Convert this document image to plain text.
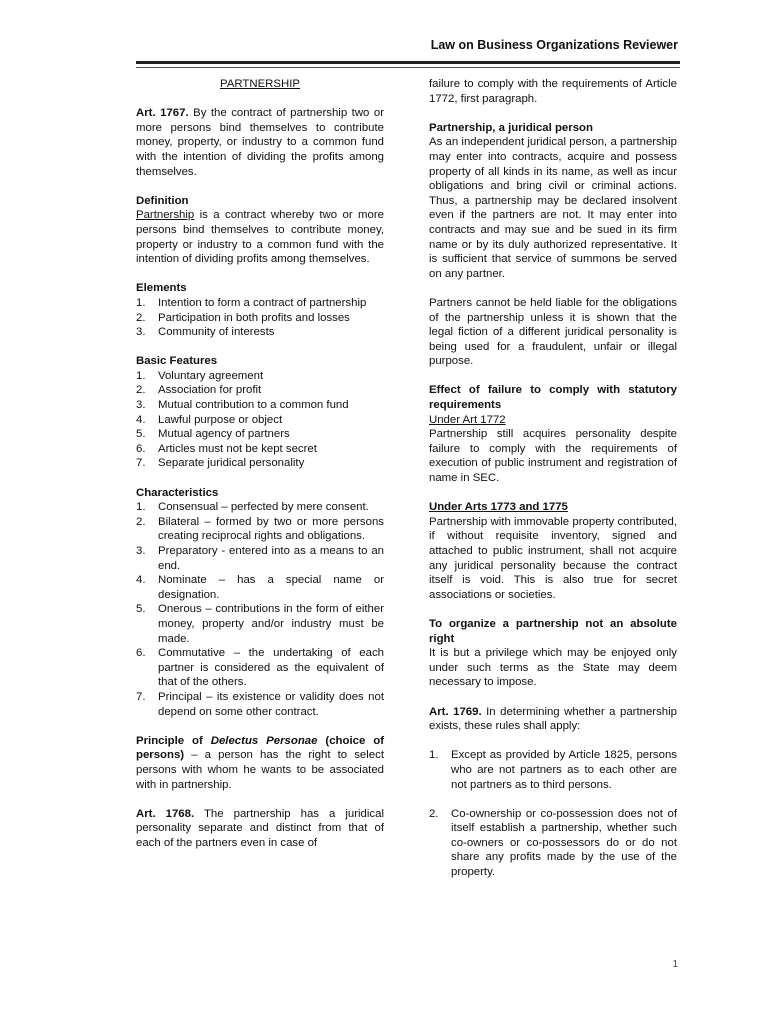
Law on Business Organizations Reviewer

PARTNERSHIP

Art. 1767. By the contract of partnership two or more persons bind themselves to contribute money, property, or industry to a common fund with the intention of dividing the profits among themselves.

Definition

Partnership is a contract whereby two or more persons bind themselves to contribute money, property or industry to a common fund with the intention of dividing profits among themselves.

Elements

1. Intention to form a contract of partnership
2. Participation in both profits and losses
3. Community of interests

Basic Features

1. Voluntary agreement
2. Association for profit
3. Mutual contribution to a common fund
4. Lawful purpose or object
5. Mutual agency of partners
6. Articles must not be kept secret
7. Separate juridical personality

Characteristics

1. Consensual – perfected by mere consent.
2. Bilateral – formed by two or more persons creating reciprocal rights and obligations.
3. Preparatory - entered into as a means to an end.
4. Nominate – has a special name or designation.
5. Onerous – contributions in the form of either money, property and/or industry must be made.
6. Commutative – the undertaking of each partner is considered as the equivalent of that of the others.
7. Principal – its existence or validity does not depend on some other contract.

Principle of Delectus Personae (choice of persons) – a person has the right to select persons with whom he wants to be associated with in partnership.

Art. 1768. The partnership has a juridical personality separate and distinct from that of each of the partners even in case of

failure to comply with the requirements of Article 1772, first paragraph.

Partnership, a juridical person

As an independent juridical person, a partnership may enter into contracts, acquire and possess property of all kinds in its name, as well as incur obligations and bring civil or criminal actions. Thus, a partnership may be declared insolvent even if the partners are not. It may enter into contracts and may sue and be sued in its firm name or by its duly authorized representative. It is sufficient that service of summons be served on any partner.

Partners cannot be held liable for the obligations of the partnership unless it is shown that the legal fiction of a different juridical personality is being used for a fraudulent, unfair or illegal purpose.

Effect of failure to comply with statutory requirements

Under Art 1772

Partnership still acquires personality despite failure to comply with the requirements of execution of public instrument and registration of name in SEC.

Under Arts 1773 and 1775

Partnership with immovable property contributed, if without requisite inventory, signed and attached to public instrument, shall not acquire any juridical personality because the contract itself is void. This is also true for secret associations or societies.

To organize a partnership not an absolute right

It is but a privilege which may be enjoyed only under such terms as the State may deem necessary to impose.

Art. 1769. In determining whether a partnership exists, these rules shall apply:

1. Except as provided by Article 1825, persons who are not partners as to each other are not partners as to third persons.
2. Co-ownership or co-possession does not of itself establish a partnership, whether such co-owners or co-possessors do or do not share any profits made by the use of the property.
1
